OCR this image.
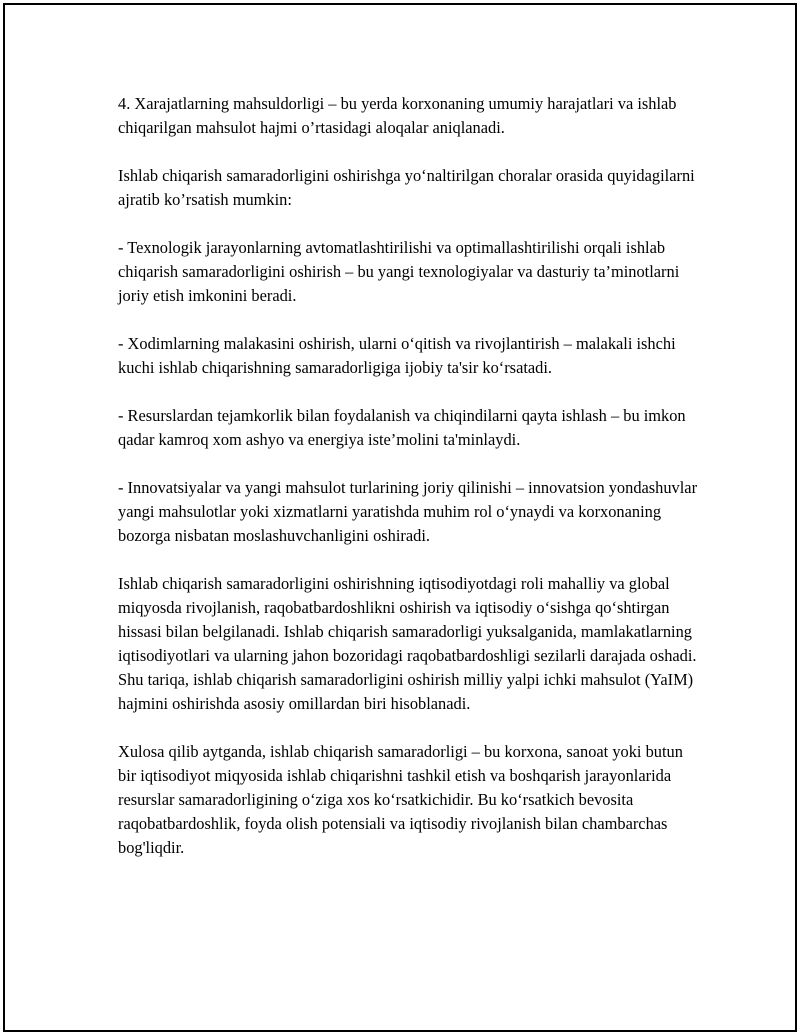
4. Xarajatlarning mahsuldorligi – bu yerda korxonaning umumiy harajatlari va ishlab chiqarilgan mahsulot hajmi o’rtasidagi aloqalar aniqlanadi.

Ishlab chiqarish samaradorligini oshirishga yo‘naltirilgan choralar orasida quyidagilarni ajratib ko’rsatish mumkin:

- Texnologik jarayonlarning avtomatlashtirilishi va optimallashtirilishi orqali ishlab chiqarish samaradorligini oshirish – bu yangi texnologiyalar va dasturiy ta’minotlarni joriy etish imkonini beradi.

- Xodimlarning malakasini oshirish, ularni o‘qitish va rivojlantirish – malakali ishchi kuchi ishlab chiqarishning samaradorligiga ijobiy ta'sir ko‘rsatadi.

- Resurslardan tejamkorlik bilan foydalanish va chiqindilarni qayta ishlash – bu imkon qadar kamroq xom ashyo va energiya iste’molini ta'minlaydi.

- Innovatsiyalar va yangi mahsulot turlarining joriy qilinishi – innovatsion yondashuvlar yangi mahsulotlar yoki xizmatlarni yaratishda muhim rol o‘ynaydi va korxonaning bozorga nisbatan moslashuvchanligini oshiradi.

Ishlab chiqarish samaradorligini oshirishning iqtisodiyotdagi roli mahalliy va global miqyosda rivojlanish, raqobatbardoshlikni oshirish va iqtisodiy o‘sishga qo‘shtirgan hissasi bilan belgilanadi. Ishlab chiqarish samaradorligi yuksalganida, mamlakatlarning iqtisodiyotlari va ularning jahon bozoridagi raqobatbardoshligi sezilarli darajada oshadi. Shu tariqa, ishlab chiqarish samaradorligini oshirish milliy yalpi ichki mahsulot (YaIM) hajmini oshirishda asosiy omillardan biri hisoblanadi.

Xulosa qilib aytganda, ishlab chiqarish samaradorligi – bu korxona, sanoat yoki butun bir iqtisodiyot miqyosida ishlab chiqarishni tashkil etish va boshqarish jarayonlarida resurslar samaradorligining o‘ziga xos ko‘rsatkichidir. Bu ko‘rsatkich bevosita raqobatbardoshlik, foyda olish potensiali va iqtisodiy rivojlanish bilan chambarchas bog'liqdir.
